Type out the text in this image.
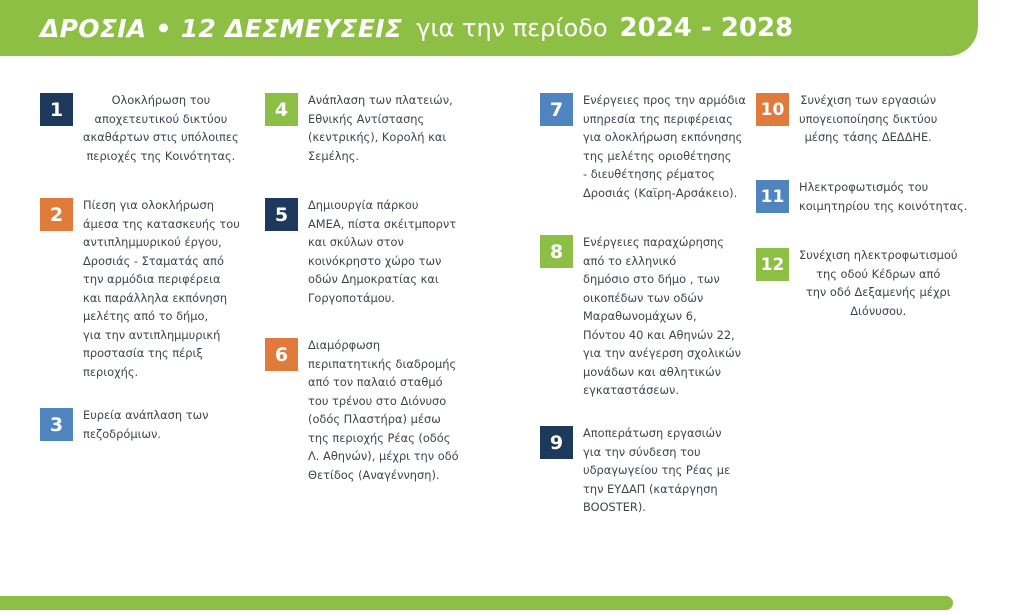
ΔΡΟΣΙΑ • 12 ΔΕΣΜΕΥΣΕΙΣ για την περίοδο 2024 - 2028
1	Ολοκλήρωση του
αποχετευτικού δικτύου
ακαθάρτων στις υπόλοιπες
περιοχές της Κοινότητας.
2	Πίεση για ολοκλήρωση
άμεσα της κατασκευής του
αντιπλημμυρικού έργου,
Δροσιάς - Σταματάς από
την αρμόδια περιφέρεια
και παράλληλα εκπόνηση
μελέτης από το δήμο,
για την αντιπλημμυρική
προστασία της πέριξ
περιοχής.
3	Ευρεία ανάπλαση των
πεζοδρόμιων.
4	Ανάπλαση των πλατειών,
Εθνικής Αντίστασης
(κεντρικής), Κορολή και
Σεμέλης.
5	Δημιουργία πάρκου
ΑΜΕΑ, πίστα σκέιτμπορντ
και σκύλων στον
κοινόκρηστο χώρο των
οδών Δημοκρατίας και
Γοργοποτάμου.
6	Διαμόρφωση
περιπατητικής διαδρομής
από τον παλαιό σταθμό
του τρένου στο Διόνυσο
(οδός Πλαστήρα) μέσω
της περιοχής Ρέας (οδός
Λ. Αθηνών), μέχρι την οδό
Θετίδος (Αναγέννηση).
7	Ενέργειες προς την αρμόδια
υπηρεσία της περιφέρειας
για ολοκλήρωση εκπόνησης
της μελέτης οριοθέτησης
- διευθέτησης ρέματος
Δροσιάς (Καϊρη-Αρσάκειο).
8	Ενέργειες παραχώρησης
από το ελληνικό
δημόσιο στο δήμο , των
οικοπέδων των οδών
Μαραθωνομάχων 6,
Πόντου 40 και Αθηνών 22,
για την ανέγερση σχολικών
μονάδων και αθλητικών
εγκαταστάσεων.
9	Αποπεράτωση εργασιών
για την σύνδεση του
υδραγωγείου της Ρέας με
την ΕΥΔΑΠ (κατάργηση
BOOSTER).
10	Συνέχιση των εργασιών
υπογειοποίησης δικτύου
μέσης τάσης ΔΕΔΔΗΕ.
11	Ηλεκτροφωτισμός του
κοιμητηρίου της κοινότητας.
12	Συνέχιση ηλεκτροφωτισμού
της οδού Κέδρων από
την οδό Δεξαμενής μέχρι
Διόνυσου.
